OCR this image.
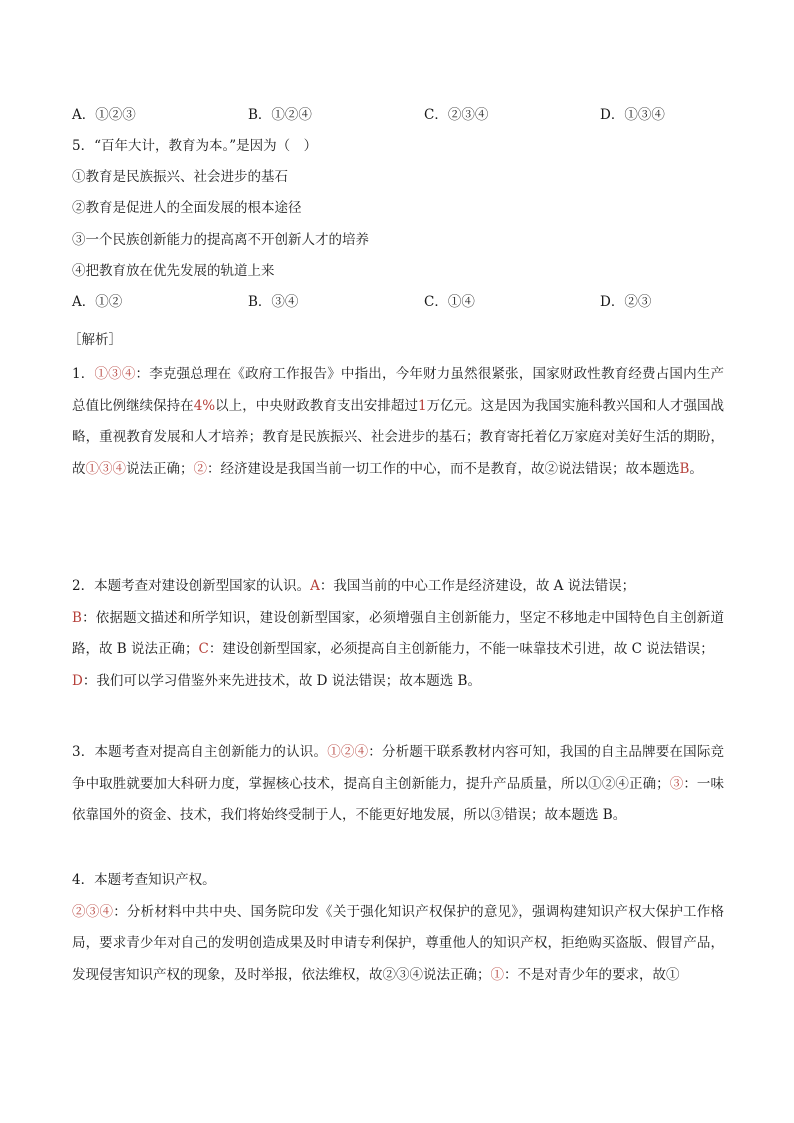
A．①②③	B．①②④	C．②③④	D．①③④
5．“百年大计，教育为本。”是因为（　）
①教育是民族振兴、社会进步的基石
②教育是促进人的全面发展的根本途径
③一个民族创新能力的提高离不开创新人才的培养
④把教育放在优先发展的轨道上来
A．①②	B．③④	C．①④	D．②③
［解析］
1．①③④：李克强总理在《政府工作报告》中指出，今年财力虽然很紧张，国家财政性教育经费占国内生产总值比例继续保持在4%以上，中央财政教育支出安排超过1万亿元。这是因为我国实施科教兴国和人才强国战略，重视教育发展和人才培养；教育是民族振兴、社会进步的基石；教育寄托着亿万家庭对美好生活的期盼，故①③④说法正确；②：经济建设是我国当前一切工作的中心，而不是教育，故②说法错误；故本题选B。
2．本题考查对建设创新型国家的认识。A：我国当前的中心工作是经济建设，故 A 说法错误；
B：依据题文描述和所学知识，建设创新型国家，必须增强自主创新能力，坚定不移地走中国特色自主创新道路，故 B 说法正确；C：建设创新型国家，必须提高自主创新能力，不能一味靠技术引进，故 C 说法错误；
D：我们可以学习借鉴外来先进技术，故 D 说法错误；故本题选 B。
3．本题考查对提高自主创新能力的认识。①②④：分析题干联系教材内容可知，我国的自主品牌要在国际竞争中取胜就要加大科研力度，掌握核心技术，提高自主创新能力，提升产品质量，所以①②④正确；③：一味依靠国外的资金、技术，我们将始终受制于人，不能更好地发展，所以③错误；故本题选 B。
4．本题考查知识产权。
②③④：分析材料中共中央、国务院印发《关于强化知识产权保护的意见》，强调构建知识产权大保护工作格局，要求青少年对自己的发明创造成果及时申请专利保护，尊重他人的知识产权，拒绝购买盗版、假冒产品，发现侵害知识产权的现象，及时举报，依法维权，故②③④说法正确；①：不是对青少年的要求，故①
